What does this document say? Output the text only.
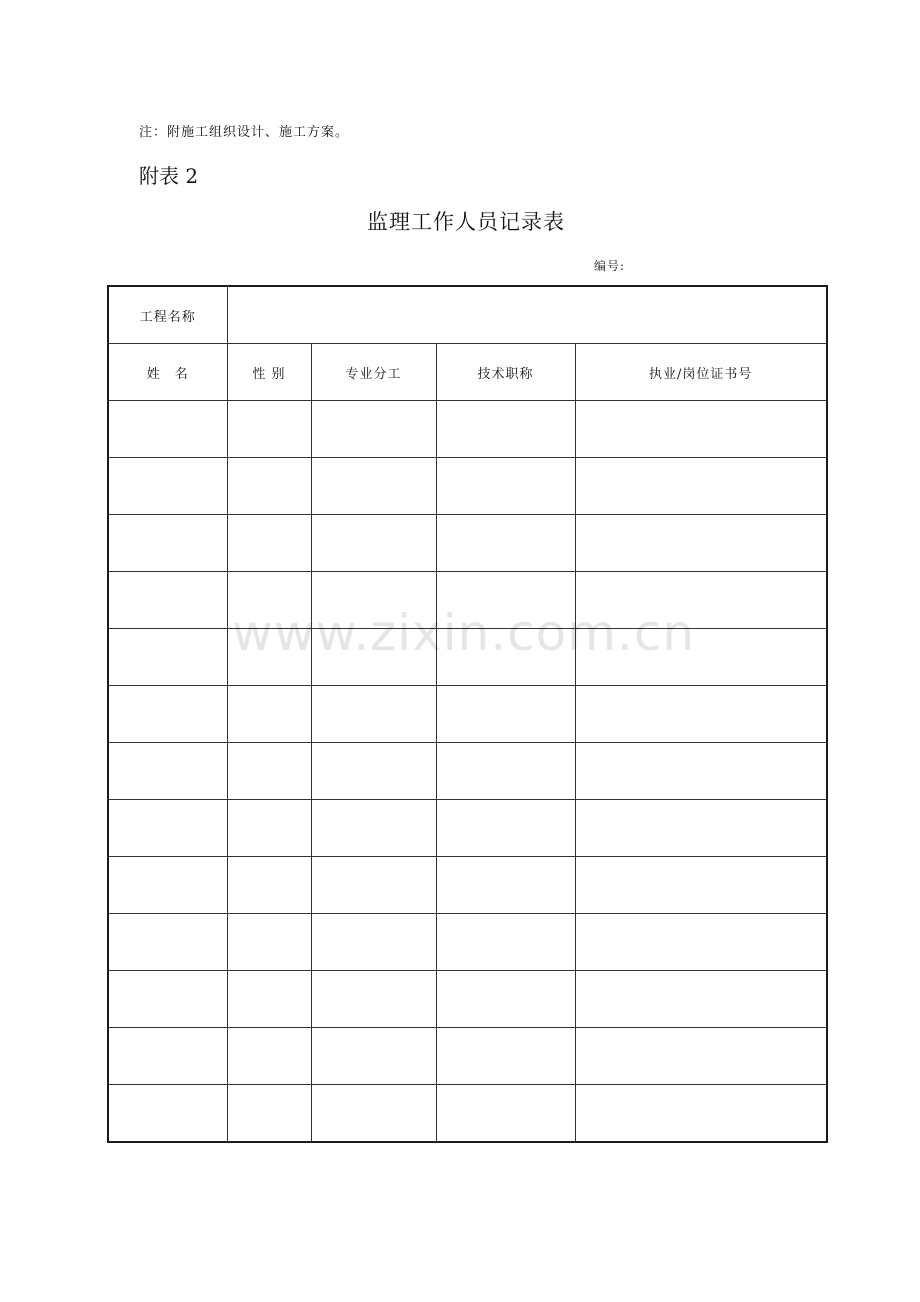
注：附施工组织设计、施工方案。
附表 2
监理工作人员记录表
编号:
工程名称				
姓　名	性 别	专业分工	技术职称	执业/岗位证书号

www.zixin.com.cn
